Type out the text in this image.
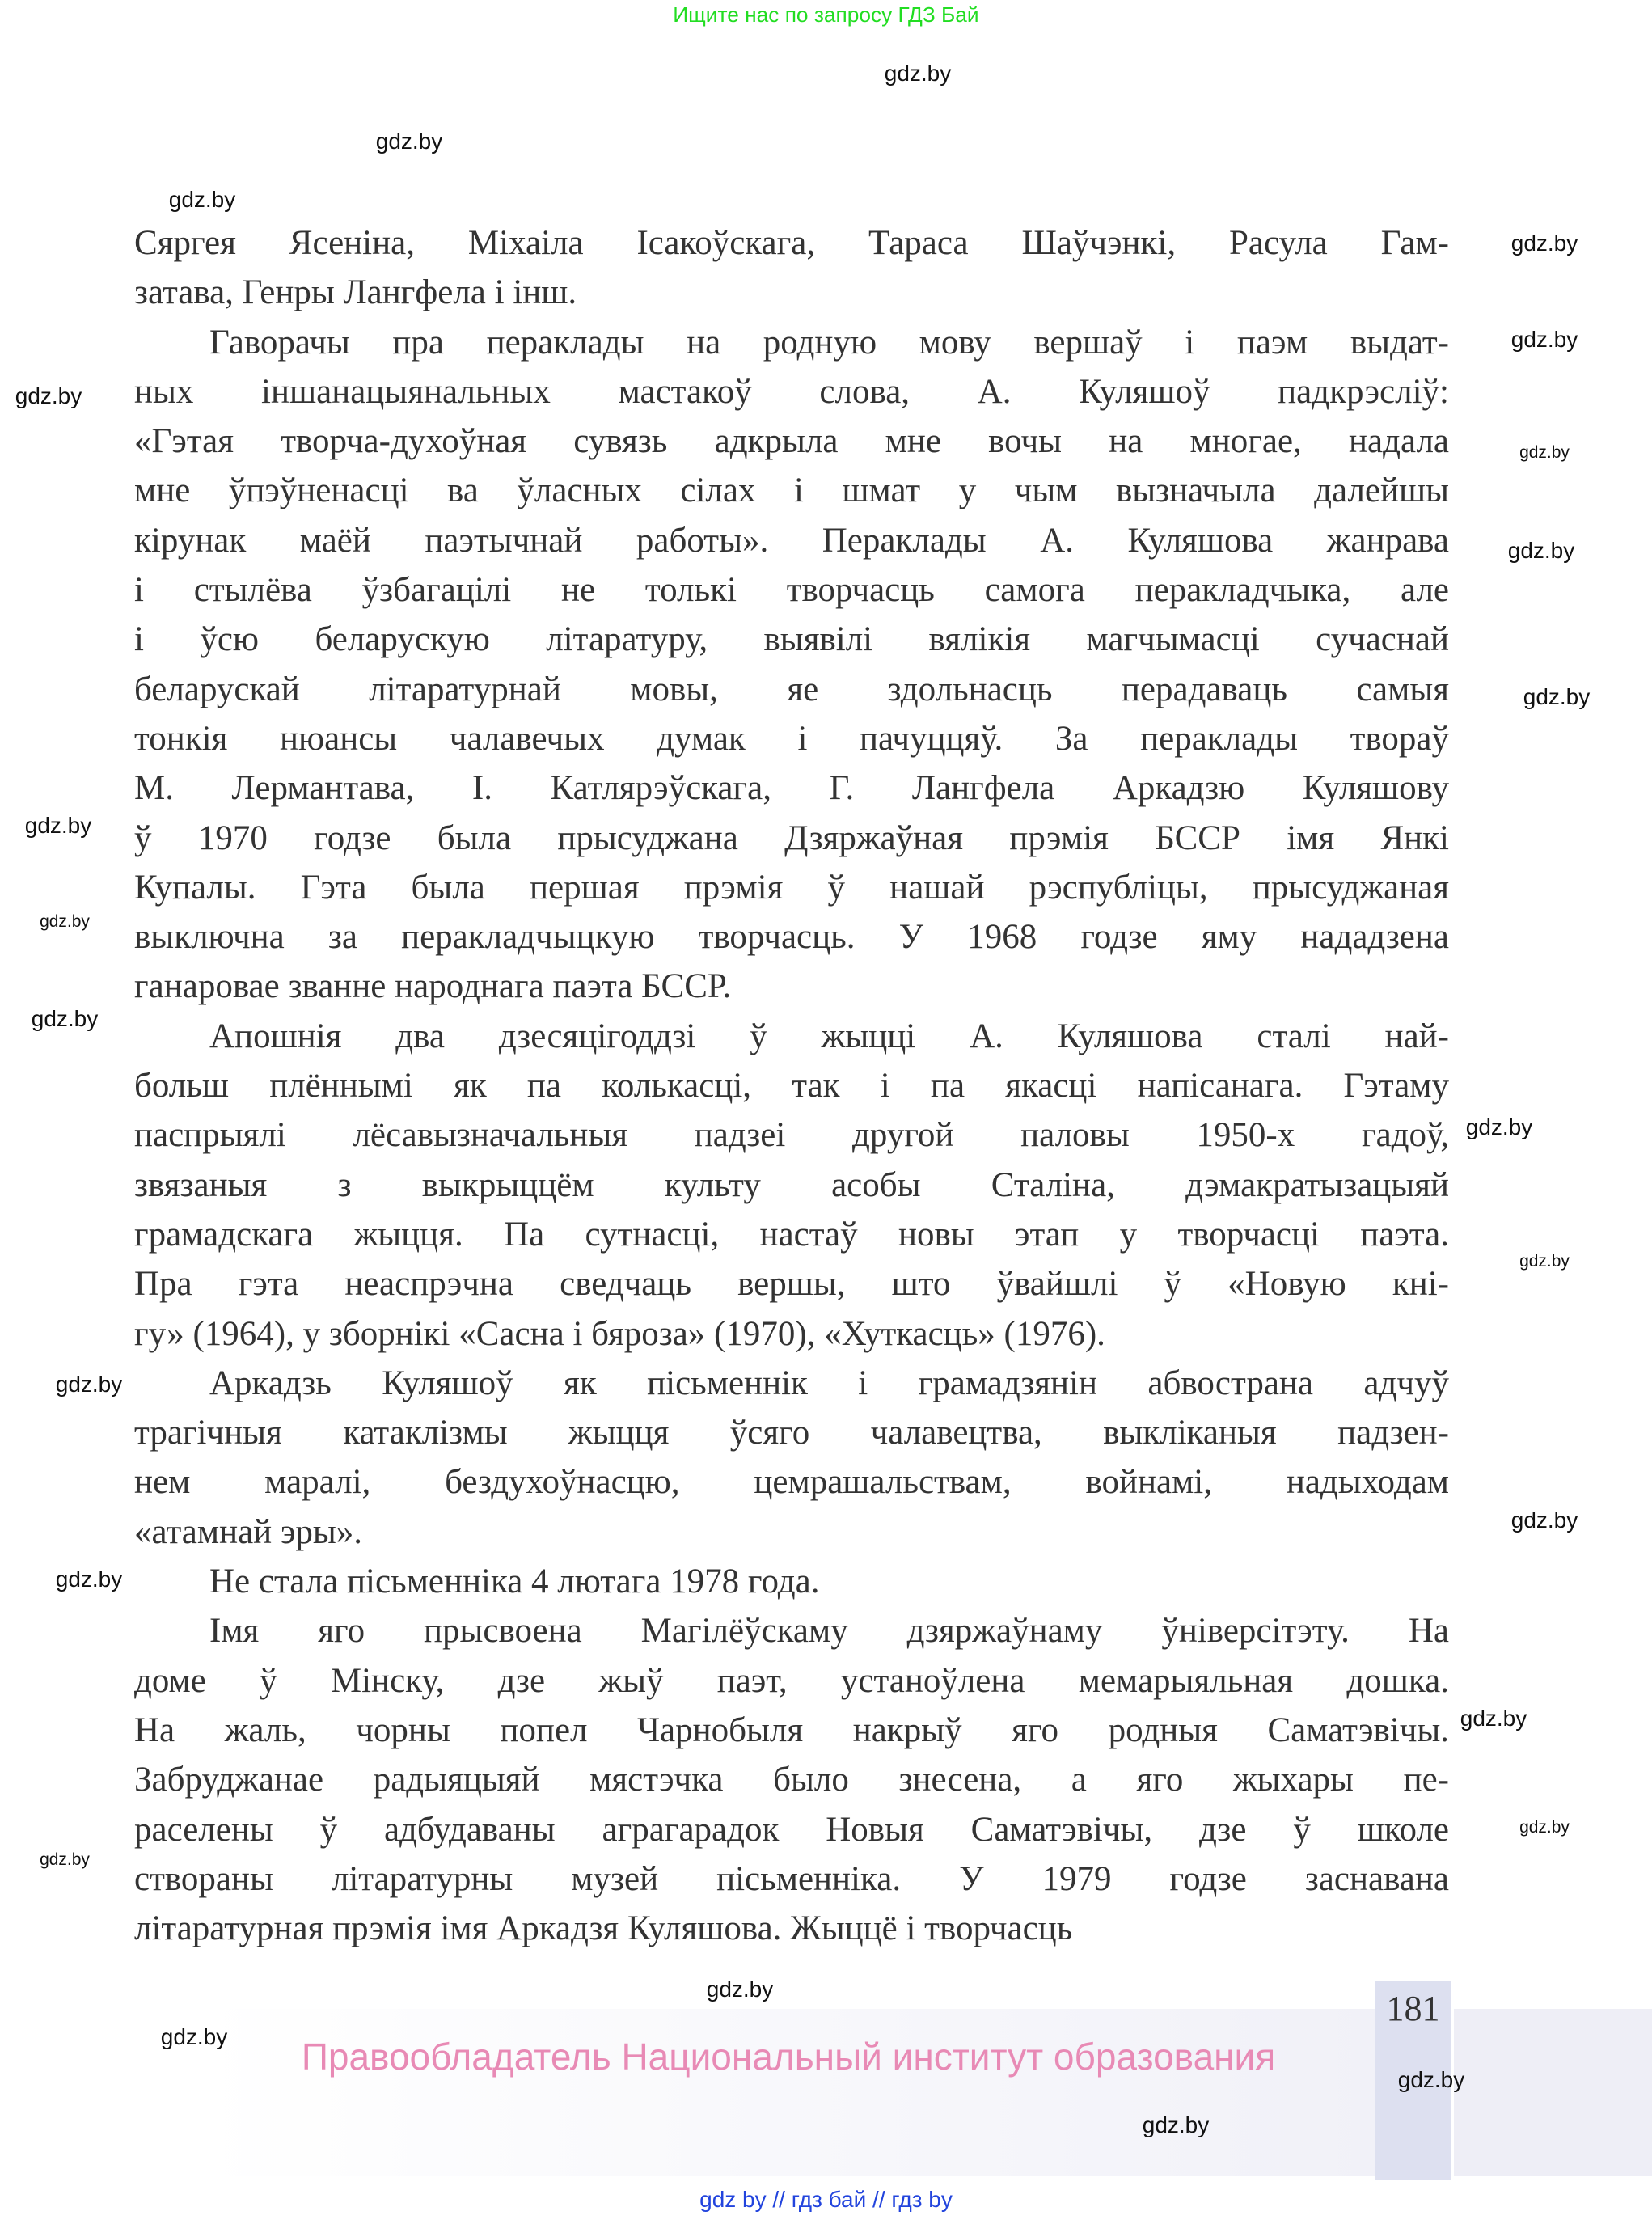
Ищите нас по запросу ГДЗ Бай
Сяргея Ясеніна, Міхаіла Ісакоўскага, Тараса Шаўчэнкі, Расула Гам-
затава, Генры Лангфела і інш.
Гаворачы пра пераклады на родную мову вершаў і паэм выдат-
ных іншанацыянальных мастакоў слова, А. Куляшоў падкрэсліў:
«Гэтая творча-духоўная сувязь адкрыла мне вочы на многае, надала
мне ўпэўненасці ва ўласных сілах і шмат у чым вызначыла далейшы
кірунак маёй паэтычнай работы». Пераклады А. Куляшова жанрава
і стылёва ўзбагацілі не толькі творчасць самога перакладчыка, але
і ўсю беларускую літаратуру, выявілі вялікія магчымасці сучаснай
беларускай літаратурнай мовы, яе здольнасць перадаваць самыя
тонкія нюансы чалавечых думак і пачуццяў. За пераклады твораў
М. Лермантава, І. Катлярэўскага, Г. Лангфела Аркадзю Куляшову
ў 1970 годзе была прысуджана Дзяржаўная прэмія БССР імя Янкі
Купалы. Гэта была першая прэмія ў нашай рэспубліцы, прысуджаная
выключна за перакладчыцкую творчасць. У 1968 годзе яму нададзена
ганаровае званне народнага паэта БССР.
Апошнія два дзесяцігоддзі ў жыцці А. Куляшова сталі най-
больш плённымі як па колькасці, так і па якасці напісанага. Гэтаму
паспрыялі лёсавызначальныя падзеі другой паловы 1950-х гадоў,
звязаныя з выкрыццём культу асобы Сталіна, дэмакратызацыяй
грамадскага жыцця. Па сутнасці, настаў новы этап у творчасці паэта.
Пра гэта неаспрэчна сведчаць вершы, што ўвайшлі ў «Новую кні-
гу» (1964), у зборнікі «Сасна і бяроза» (1970), «Хуткасць» (1976).
Аркадзь Куляшоў як пісьменнік і грамадзянін абвострана адчуў
трагічныя катаклізмы жыцця ўсяго чалавецтва, выкліканыя падзен-
нем маралі, бездухоўнасцю, цемрашальствам, войнамі, надыходам
«атамнай эры».
Не стала пісьменніка 4 лютага 1978 года.
Імя яго прысвоена Магілёўскаму дзяржаўнаму ўніверсітэту. На
доме ў Мінску, дзе жыў паэт, устаноўлена мемарыяльная дошка.
На жаль, чорны попел Чарнобыля накрыў яго родныя Саматэвічы.
Забруджанае радыяцыяй мястэчка было знесена, а яго жыхары пе-
раселены ў адбудаваны аграгарадок Новыя Саматэвічы, дзе ў школе
створаны літаратурны музей пісьменніка. У 1979 годзе заснавана
літаратурная прэмія імя Аркадзя Куляшова. Жыццё і творчасць
181
Правообладатель Национальный институт образования
gdz by // гдз бай // гдз by
gdz.by
gdz.by
gdz.by
gdz.by
gdz.by
gdz.by
gdz.by
gdz.by
gdz.by
gdz.by
gdz.by
gdz.by
gdz.by
gdz.by
gdz.by
gdz.by
gdz.by
gdz.by
gdz.by
gdz.by
gdz.by
gdz.by
gdz.by
gdz.by
